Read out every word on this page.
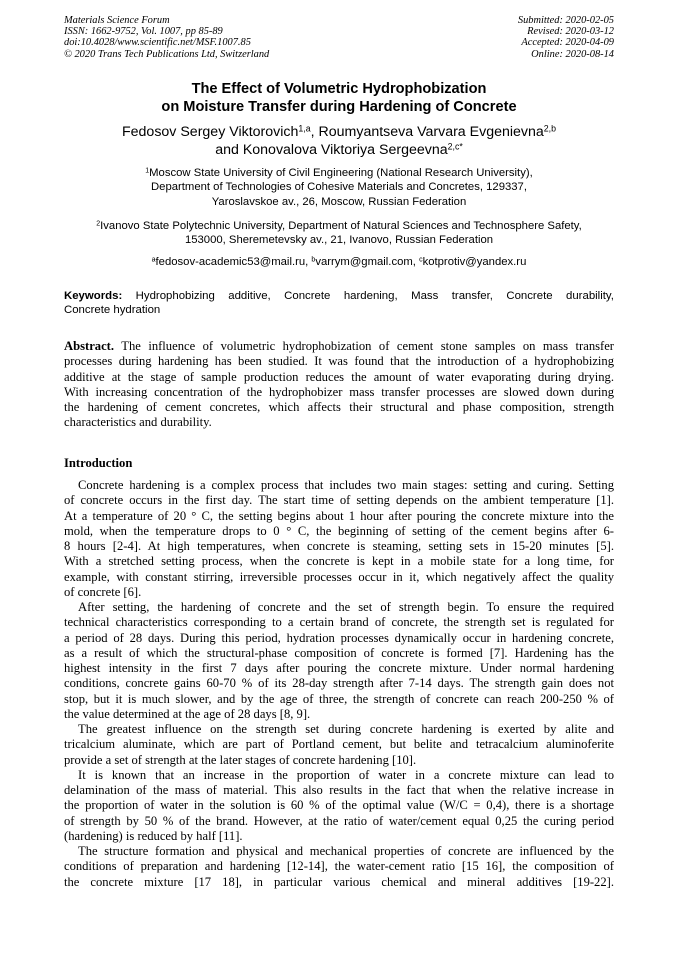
Materials Science Forum
ISSN: 1662-9752, Vol. 1007, pp 85-89
doi:10.4028/www.scientific.net/MSF.1007.85
© 2020 Trans Tech Publications Ltd, Switzerland
Submitted: 2020-02-05
Revised: 2020-03-12
Accepted: 2020-04-09
Online: 2020-08-14
The Effect of Volumetric Hydrophobization
on Moisture Transfer during Hardening of Concrete
Fedosov Sergey Viktorovich$^{1,a}$, Roumyantseva Varvara Evgenievna$^{2,b}$
and Konovalova Viktoriya Sergeevna$^{2,c*}$
$^1$Moscow State University of Civil Engineering (National Research University),
Department of Technologies of Cohesive Materials and Concretes, 129337,
Yaroslavskoe av., 26, Moscow, Russian Federation
$^2$Ivanovo State Polytechnic University, Department of Natural Sciences and Technosphere Safety,
153000, Sheremetevsky av., 21, Ivanovo, Russian Federation
$^a$fedosov-academic53@mail.ru, $^b$varrym@gmail.com, $^c$kotprotiv@yandex.ru
Keywords: Hydrophobizing additive, Concrete hardening, Mass transfer, Concrete durability,
Concrete hydration
Abstract. The influence of volumetric hydrophobization of cement stone samples on mass transfer
processes during hardening has been studied. It was found that the introduction of a hydrophobizing
additive at the stage of sample production reduces the amount of water evaporating during drying.
With increasing concentration of the hydrophobizer mass transfer processes are slowed down during
the hardening of cement concretes, which affects their structural and phase composition, strength
characteristics and durability.
Introduction
Concrete hardening is a complex process that includes two main stages: setting and curing. Setting
of concrete occurs in the first day. The start time of setting depends on the ambient temperature [1].
At a temperature of 20 ° C, the setting begins about 1 hour after pouring the concrete mixture into the
mold, when the temperature drops to 0 ° C, the beginning of setting of the cement begins after 6-
8 hours [2-4]. At high temperatures, when concrete is steaming, setting sets in 15-20 minutes [5].
With a stretched setting process, when the concrete is kept in a mobile state for a long time, for
example, with constant stirring, irreversible processes occur in it, which negatively affect the quality
of concrete [6].
After setting, the hardening of concrete and the set of strength begin. To ensure the required
technical characteristics corresponding to a certain brand of concrete, the strength set is regulated for
a period of 28 days. During this period, hydration processes dynamically occur in hardening concrete,
as a result of which the structural-phase composition of concrete is formed [7]. Hardening has the
highest intensity in the first 7 days after pouring the concrete mixture. Under normal hardening
conditions, concrete gains 60-70 % of its 28-day strength after 7-14 days. The strength gain does not
stop, but it is much slower, and by the age of three, the strength of concrete can reach 200-250 % of
the value determined at the age of 28 days [8, 9].
The greatest influence on the strength set during concrete hardening is exerted by alite and
tricalcium aluminate, which are part of Portland cement, but belite and tetracalcium aluminoferite
provide a set of strength at the later stages of concrete hardening [10].
It is known that an increase in the proportion of water in a concrete mixture can lead to
delamination of the mass of material. This also results in the fact that when the relative increase in
the proportion of water in the solution is 60 % of the optimal value (W/C = 0,4), there is a shortage
of strength by 50 % of the brand. However, at the ratio of water/cement equal 0,25 the curing period
(hardening) is reduced by half [11].
The structure formation and physical and mechanical properties of concrete are influenced by the
conditions of preparation and hardening [12-14], the water-cement ratio [15 16], the composition of
the concrete mixture [17 18], in particular various chemical and mineral additives [19-22].
